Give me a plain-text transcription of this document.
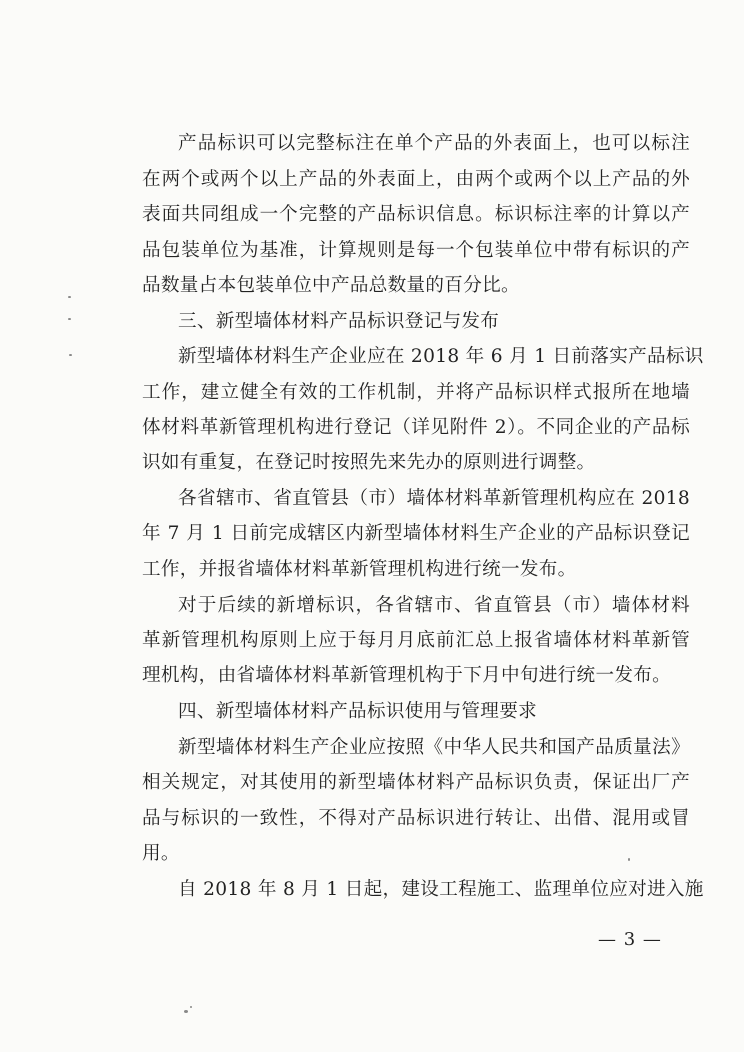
产品标识可以完整标注在单个产品的外表面上，也可以标注
在两个或两个以上产品的外表面上，由两个或两个以上产品的外
表面共同组成一个完整的产品标识信息。标识标注率的计算以产
品包装单位为基准，计算规则是每一个包装单位中带有标识的产
品数量占本包装单位中产品总数量的百分比。
三、新型墙体材料产品标识登记与发布
新型墙体材料生产企业应在 2018 年 6 月 1 日前落实产品标识
工作，建立健全有效的工作机制，并将产品标识样式报所在地墙
体材料革新管理机构进行登记（详见附件 2）。不同企业的产品标
识如有重复，在登记时按照先来先办的原则进行调整。
各省辖市、省直管县（市）墙体材料革新管理机构应在 2018
年 7 月 1 日前完成辖区内新型墙体材料生产企业的产品标识登记
工作，并报省墙体材料革新管理机构进行统一发布。
对于后续的新增标识，各省辖市、省直管县（市）墙体材料
革新管理机构原则上应于每月月底前汇总上报省墙体材料革新管
理机构，由省墙体材料革新管理机构于下月中旬进行统一发布。
四、新型墙体材料产品标识使用与管理要求
新型墙体材料生产企业应按照《中华人民共和国产品质量法》
相关规定，对其使用的新型墙体材料产品标识负责，保证出厂产
品与标识的一致性，不得对产品标识进行转让、出借、混用或冒
用。
自 2018 年 8 月 1 日起，建设工程施工、监理单位应对进入施
— 3 —
